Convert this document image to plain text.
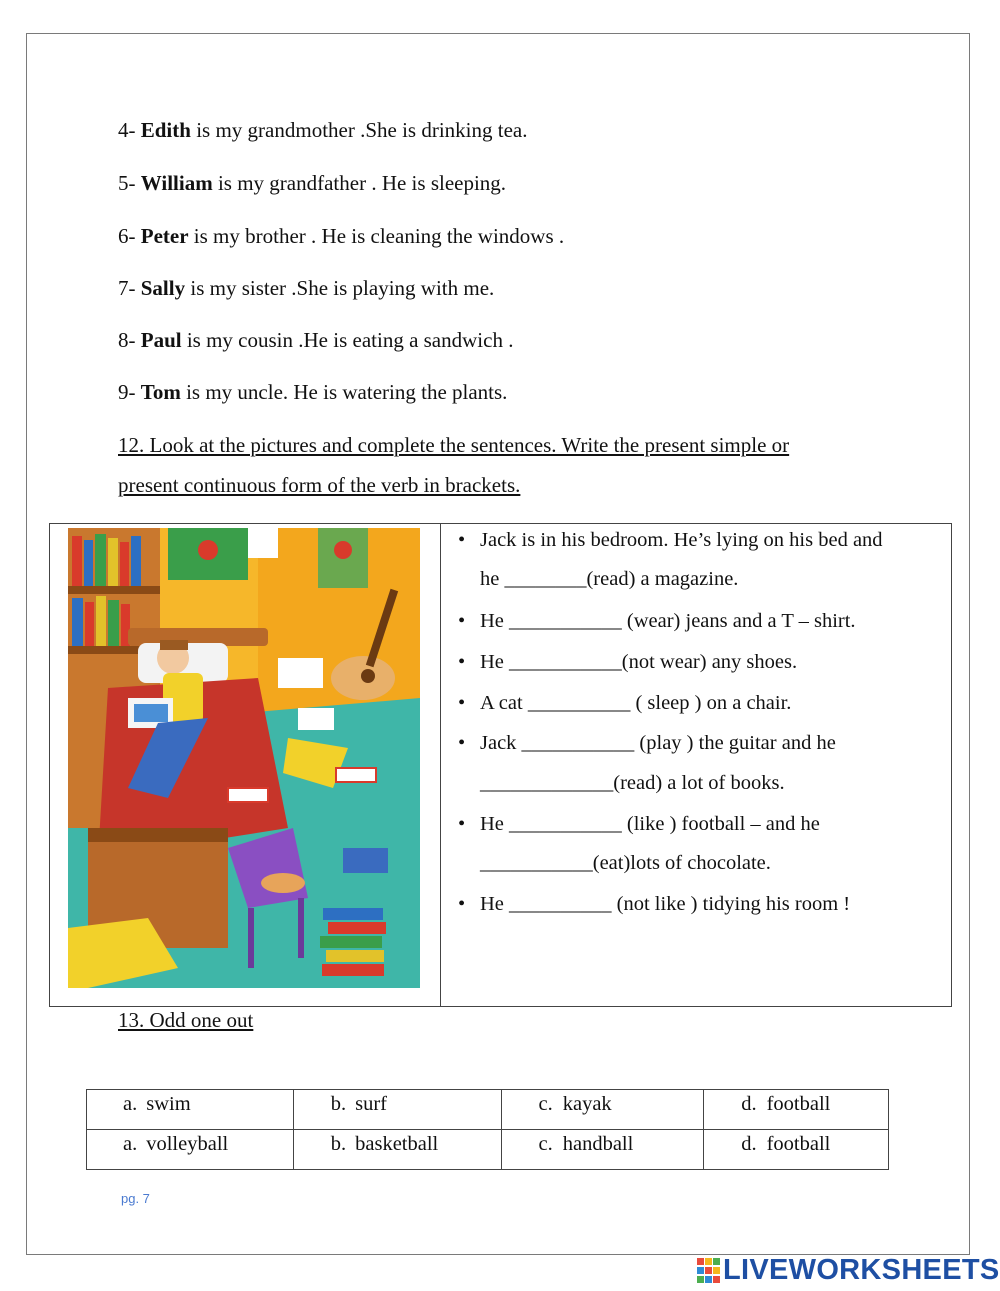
4- Edith is my grandmother .She is drinking tea.
5- William is my grandfather . He is sleeping.
6- Peter is my brother . He is cleaning the windows .
7- Sally is my sister .She is playing with me.
8- Paul is my cousin .He is eating a sandwich .
9- Tom is my uncle. He is watering the plants.
12. Look at the pictures and complete the sentences. Write the present simple or
present continuous form of the verb in brackets.
• Jack is in his bedroom. He’s lying on his bed and
he ________(read) a magazine.
• He ___________ (wear) jeans and a T – shirt.
• He ___________(not wear) any shoes.
• A cat __________ ( sleep ) on a chair.
• Jack ___________ (play ) the guitar and he
_____________(read) a lot of books.
• He ___________ (like ) football – and he
___________(eat)lots of chocolate.
• He __________ (not like ) tidying his room !
13. Odd one out
a. swim	b. surf	c. kayak	d. football
a. volleyball	b. basketball	c. handball	d. football
pg. 7
LIVEWORKSHEETS
